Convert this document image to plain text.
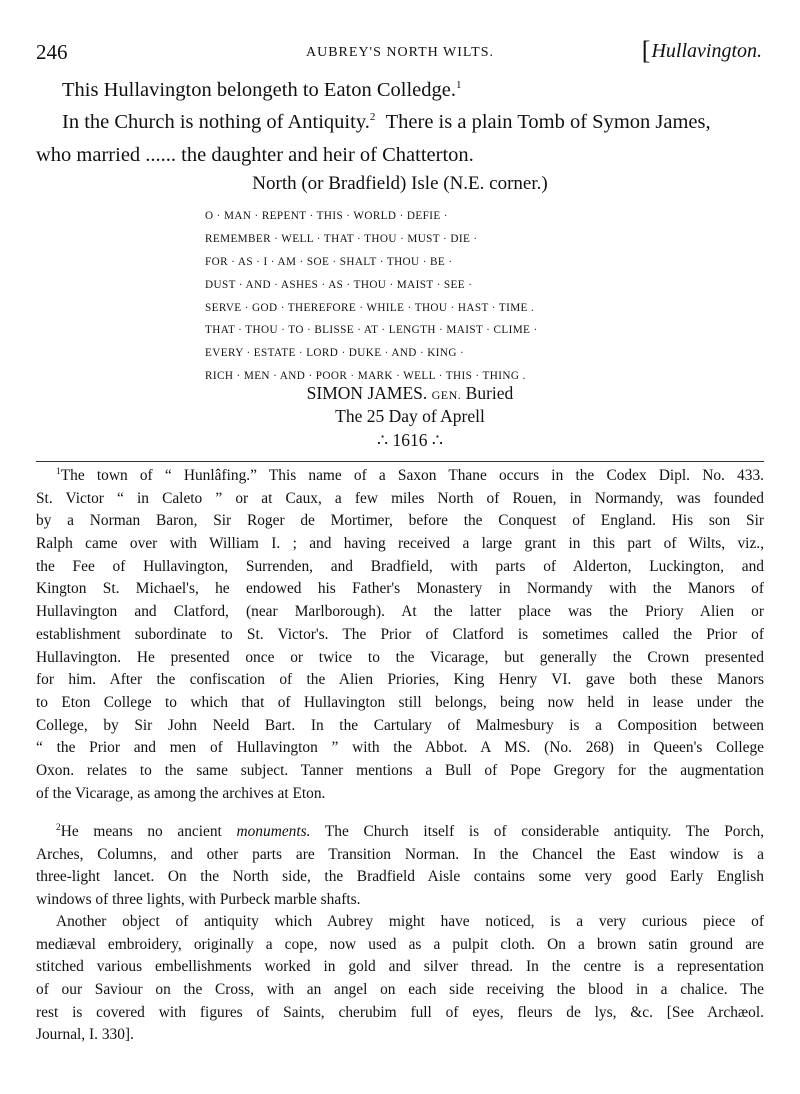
246	AUBREY'S NORTH WILTS.	[Hullavington.
This Hullavington belongeth to Eaton Colledge.$^1$
In the Church is nothing of Antiquity.$^2$ There is a plain Tomb of Symon James,
who married ...... the daughter and heir of Chatterton.
North (or Bradfield) Isle (N.E. corner.)
O · MAN · REPENT · THIS · WORLD · DEFIE ·
REMEMBER · WELL · THAT · THOU · MUST · DIE ·
FOR · AS · I · AM · SOE · SHALT · THOU · BE ·
DUST · AND · ASHES · AS · THOU · MAIST · SEE ·
SERVE · GOD · THEREFORE · WHILE · THOU · HAST · TIME .
THAT · THOU · TO · BLISSE · AT · LENGTH · MAIST · CLIME ·
EVERY · ESTATE · LORD · DUKE · AND · KING ·
RICH · MEN · AND · POOR · MARK · WELL · THIS · THING .
SIMON JAMES. GEN. Buried
The 25 Day of Aprell
∴ 1616 ∴
$^1$The town of “ Hunlâfing.” This name of a Saxon Thane occurs in the Codex Dipl. No. 433.
St. Victor “ in Caleto ” or at Caux, a few miles North of Rouen, in Normandy, was founded
by a Norman Baron, Sir Roger de Mortimer, before the Conquest of England. His son Sir
Ralph came over with William I. ; and having received a large grant in this part of Wilts, viz.,
the Fee of Hullavington, Surrenden, and Bradfield, with parts of Alderton, Luckington, and
Kington St. Michael's, he endowed his Father's Monastery in Normandy with the Manors of
Hullavington and Clatford, (near Marlborough). At the latter place was the Priory Alien or
establishment subordinate to St. Victor's. The Prior of Clatford is sometimes called the Prior of
Hullavington. He presented once or twice to the Vicarage, but generally the Crown presented
for him. After the confiscation of the Alien Priories, King Henry VI. gave both these Manors
to Eton College to which that of Hullavington still belongs, being now held in lease under the
College, by Sir John Neeld Bart. In the Cartulary of Malmesbury is a Composition between
“ the Prior and men of Hullavington ” with the Abbot. A MS. (No. 268) in Queen's College
Oxon. relates to the same subject. Tanner mentions a Bull of Pope Gregory for the augmentation
of the Vicarage, as among the archives at Eton.
$^2$He means no ancient monuments. The Church itself is of considerable antiquity. The Porch,
Arches, Columns, and other parts are Transition Norman. In the Chancel the East window is a
three-light lancet. On the North side, the Bradfield Aisle contains some very good Early English
windows of three lights, with Purbeck marble shafts.
Another object of antiquity which Aubrey might have noticed, is a very curious piece of
mediæval embroidery, originally a cope, now used as a pulpit cloth. On a brown satin ground are
stitched various embellishments worked in gold and silver thread. In the centre is a representation
of our Saviour on the Cross, with an angel on each side receiving the blood in a chalice. The
rest is covered with figures of Saints, cherubim full of eyes, fleurs de lys, &c. [See Archæol.
Journal, I. 330].
